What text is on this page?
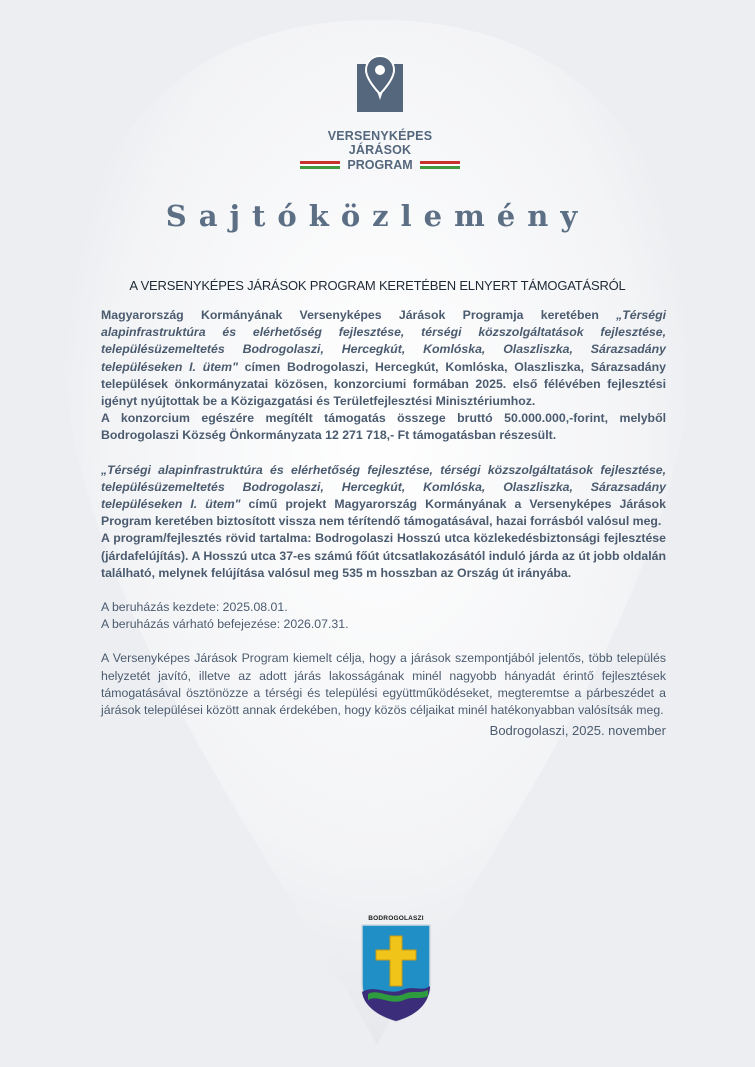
VERSENYKÉPES JÁRÁSOK
PROGRAM
Sajtóközlemény
A VERSENYKÉPES JÁRÁSOK PROGRAM KERETÉBEN ELNYERT TÁMOGATÁSRÓL

Magyarország Kormányának Versenyképes Járások Programja keretében „Térségi alapinfrastruktúra és elérhetőség fejlesztése, térségi közszolgáltatások fejlesztése, településüzemeltetés Bodrogolaszi, Hercegkút, Komlóska, Olaszliszka, Sárazsadány településeken I. ütem" címen Bodrogolaszi, Hercegkút, Komlóska, Olaszliszka, Sárazsadány települések önkormányzatai közösen, konzorciumi formában 2025. első félévében fejlesztési igényt nyújtottak be a Közigazgatási és Területfejlesztési Minisztériumhoz.

A konzorcium egészére megítélt támogatás összege bruttó 50.000.000,-forint, melyből Bodrogolaszi Község Önkormányzata 12 271 718,- Ft támogatásban részesült.

„Térségi alapinfrastruktúra és elérhetőség fejlesztése, térségi közszolgáltatások fejlesztése, településüzemeltetés Bodrogolaszi, Hercegkút, Komlóska, Olaszliszka, Sárazsadány településeken I. ütem" című projekt Magyarország Kormányának a Versenyképes Járások Program keretében biztosított vissza nem térítendő támogatásával, hazai forrásból valósul meg.

A program/fejlesztés rövid tartalma: Bodrogolaszi Hosszú utca közlekedésbiztonsági fejlesztése (járdafelújítás). A Hosszú utca 37-es számú főút útcsatlakozásától induló járda az út jobb oldalán található, melynek felújítása valósul meg 535 m hosszban az Ország út irányába.

A beruházás kezdete: 2025.08.01.

A beruházás várható befejezése: 2026.07.31.

A Versenyképes Járások Program kiemelt célja, hogy a járások szempontjából jelentős, több település helyzetét javító, illetve az adott járás lakosságának minél nagyobb hányadát érintő fejlesztések támogatásával ösztönözze a térségi és települési együttműködéseket, megteremtse a párbeszédet a járások települései között annak érdekében, hogy közös céljaikat minél hatékonyabban valósítsák meg.

Bodrogolaszi, 2025. november
BODROGOLASZI
